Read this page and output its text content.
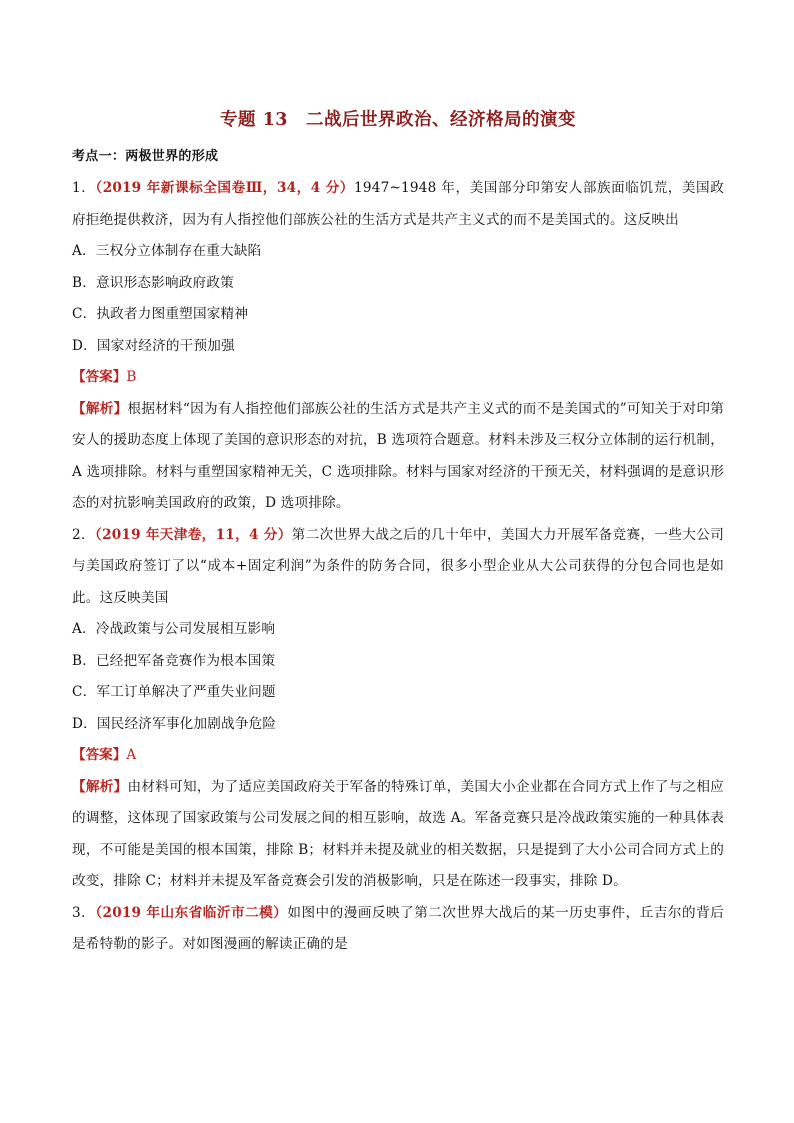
专题 13　二战后世界政治、经济格局的演变
考点一：两极世界的形成

1．（2019 年新课标全国卷Ⅲ，34，4 分）1947~1948 年，美国部分印第安人部族面临饥荒，美国政府拒绝提供救济，因为有人指控他们部族公社的生活方式是共产主义式的而不是美国式的。这反映出

A．三权分立体制存在重大缺陷

B．意识形态影响政府政策

C．执政者力图重塑国家精神

D．国家对经济的干预加强

【答案】B

【解析】根据材料“因为有人指控他们部族公社的生活方式是共产主义式的而不是美国式的”可知关于对印第安人的援助态度上体现了美国的意识形态的对抗，B 选项符合题意。材料未涉及三权分立体制的运行机制，A 选项排除。材料与重塑国家精神无关，C 选项排除。材料与国家对经济的干预无关，材料强调的是意识形态的对抗影响美国政府的政策，D 选项排除。

2．（2019 年天津卷，11，4 分）第二次世界大战之后的几十年中，美国大力开展军备竞赛，一些大公司与美国政府签订了以“成本+固定利润”为条件的防务合同，很多小型企业从大公司获得的分包合同也是如此。这反映美国

A．冷战政策与公司发展相互影响

B．已经把军备竞赛作为根本国策

C．军工订单解决了严重失业问题

D．国民经济军事化加剧战争危险

【答案】A

【解析】由材料可知，为了适应美国政府关于军备的特殊订单，美国大小企业都在合同方式上作了与之相应的调整，这体现了国家政策与公司发展之间的相互影响，故选 A。军备竞赛只是冷战政策实施的一种具体表现，不可能是美国的根本国策，排除 B；材料并未提及就业的相关数据，只是提到了大小公司合同方式上的改变，排除 C；材料并未提及军备竞赛会引发的消极影响，只是在陈述一段事实，排除 D。

3．（2019 年山东省临沂市二模）如图中的漫画反映了第二次世界大战后的某一历史事件，丘吉尔的背后是希特勒的影子。对如图漫画的解读正确的是
